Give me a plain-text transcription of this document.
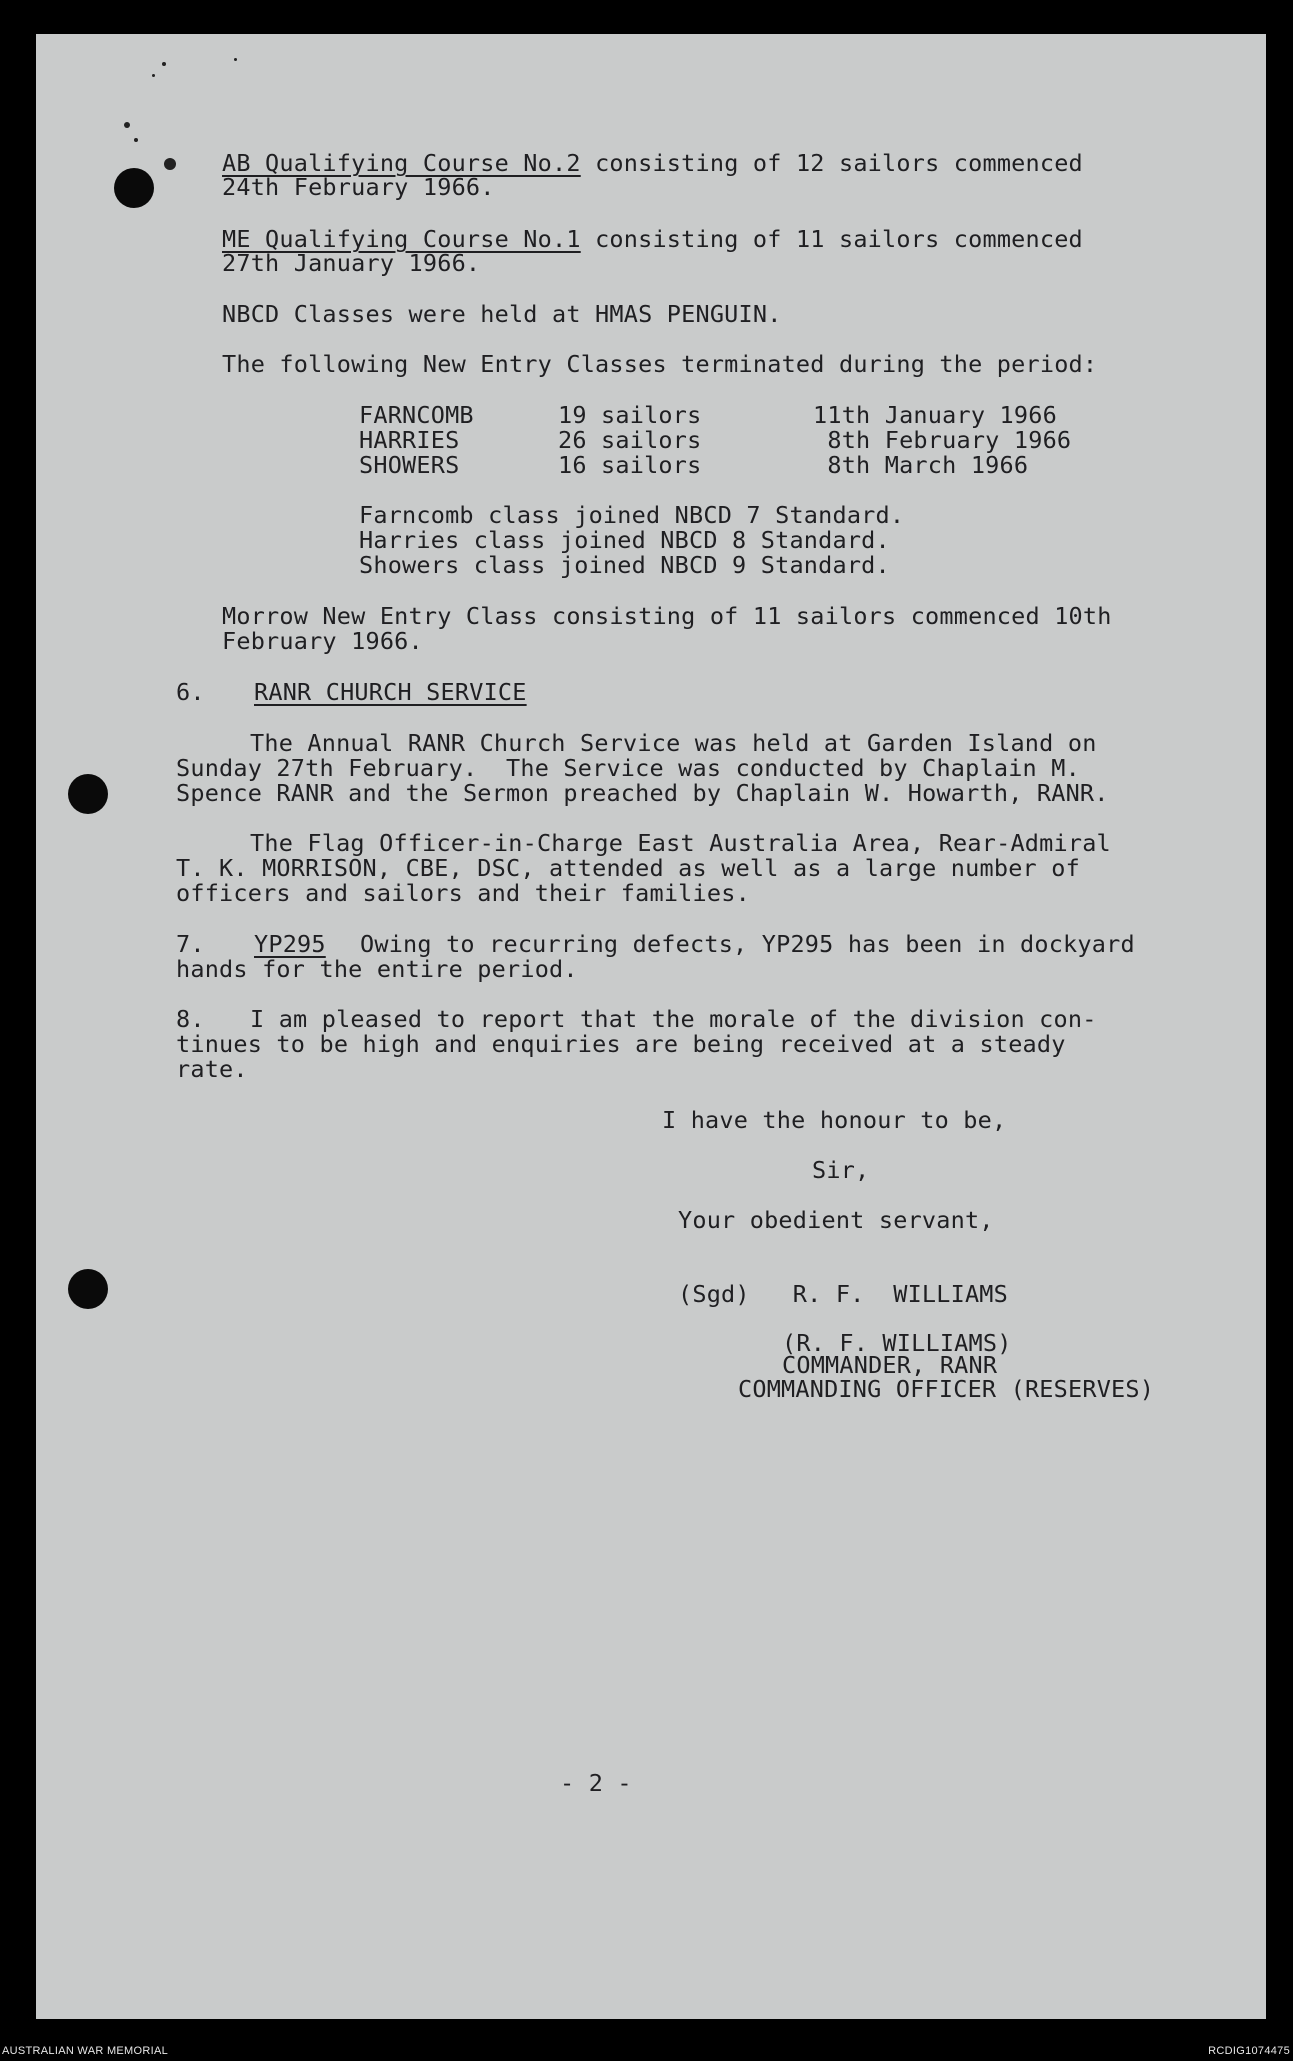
AB Qualifying Course No.2 consisting of 12 sailors commenced
24th February 1966.
ME Qualifying Course No.1 consisting of 11 sailors commenced
27th January 1966.
NBCD Classes were held at HMAS PENGUIN.
The following New Entry Classes terminated during the period:
FARNCOMB	19 sailors	11th January 1966
HARRIES	26 sailors	8th February 1966
SHOWERS	16 sailors	8th March 1966
Farncomb class joined NBCD 7 Standard.
Harries class joined NBCD 8 Standard.
Showers class joined NBCD 9 Standard.
Morrow New Entry Class consisting of 11 sailors commenced 10th
February 1966.
6. RANR CHURCH SERVICE
The Annual RANR Church Service was held at Garden Island on
Sunday 27th February.  The Service was conducted by Chaplain M.
Spence RANR and the Sermon preached by Chaplain W. Howarth, RANR.
The Flag Officer-in-Charge East Australia Area, Rear-Admiral
T. K. MORRISON, CBE, DSC, attended as well as a large number of
officers and sailors and their families.
7. YP295 Owing to recurring defects, YP295 has been in dockyard
hands for the entire period.
8. I am pleased to report that the morale of the division con-
tinues to be high and enquiries are being received at a steady
rate.
I have the honour to be,
Sir,
Your obedient servant,
(Sgd)   R. F.  WILLIAMS
(R. F. WILLIAMS)
COMMANDER, RANR
COMMANDING OFFICER (RESERVES)
- 2 -
AUSTRALIAN WAR MEMORIAL	RCDIG1074475
